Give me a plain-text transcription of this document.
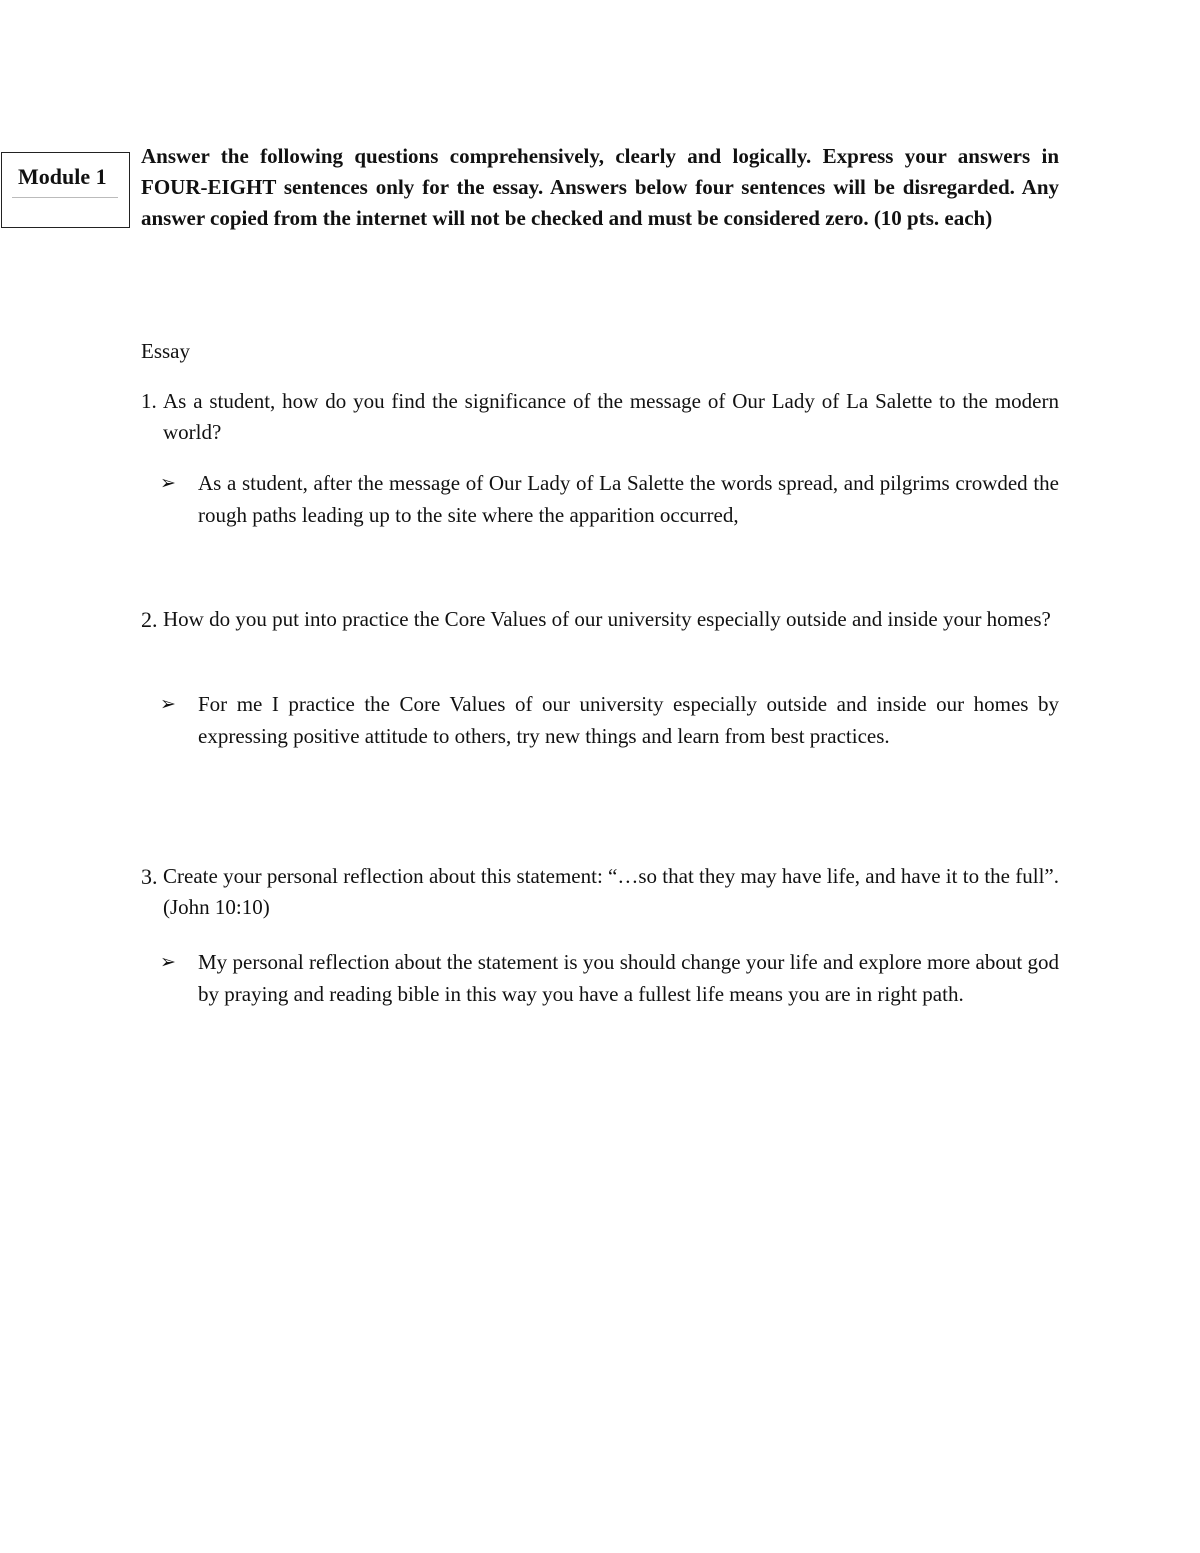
Module 1

Answer the following questions comprehensively, clearly and logically. Express your answers in FOUR-EIGHT sentences only for the essay. Answers below four sentences will be disregarded. Any answer copied from the internet will not be checked and must be considered zero. (10 pts. each)

Essay

1. As a student, how do you find the significance of the message of Our Lady of La Salette to the modern world?
➢	As a student, after the message of Our Lady of La Salette the words spread, and pilgrims crowded the rough paths leading up to the site where the apparition occurred,
2. How do you put into practice the Core Values of our university especially outside and inside your homes?
➢	For me I practice the Core Values of our university especially outside and inside our homes by expressing positive attitude to others, try new things and learn from best practices.
3. Create your personal reflection about this statement: “…so that they may have life, and have it to the full”. (John 10:10)
➢	My personal reflection about the statement is you should change your life and explore more about god by praying and reading bible in this way you have a fullest life means you are in right path.
